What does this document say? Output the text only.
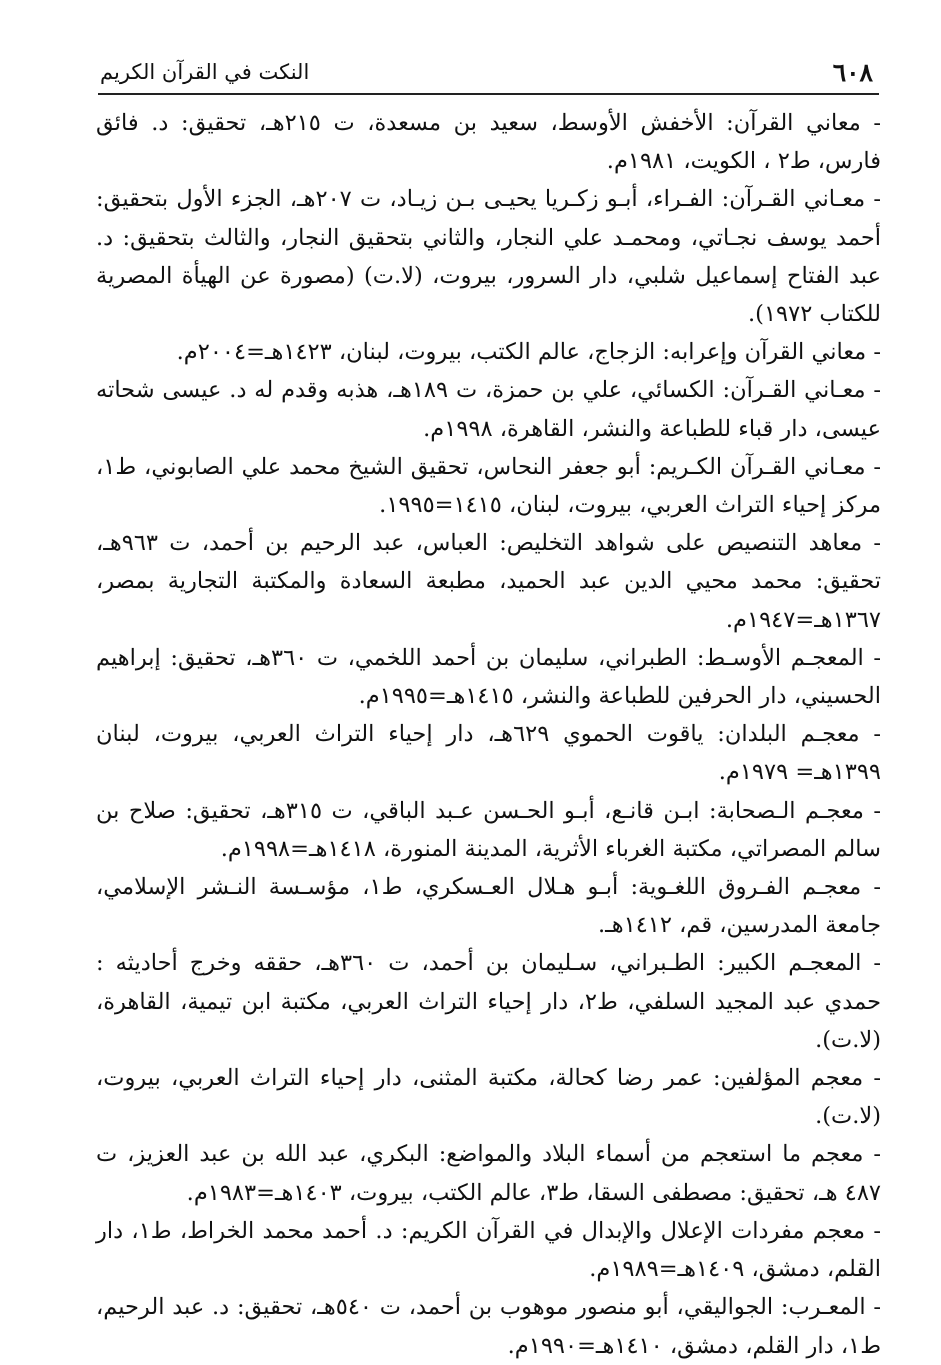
٦٠٨
النكت في القرآن الكريم

- معاني القرآن: الأخفش الأوسط، سعيد بن مسعدة، ت ٢١٥هـ، تحقيق: د. فائق فارس، ط٢ ، الكويت، ١٩٨١م.

- معـاني القـرآن: الفـراء، أبـو زكـريا يحيـى بـن زيـاد، ت ٢٠٧هـ، الجزء الأول بتحقيق: أحمد يوسف نجـاتي، ومحمـد علي النجار، والثاني بتحقيق النجار، والثالث بتحقيق: د. عبد الفتاح إسماعيل شلبي، دار السرور، بيروت، (لا.ت) (مصورة عن الهيأة المصرية للكتاب ١٩٧٢).

- معاني القرآن وإعرابه: الزجاج، عالم الكتب، بيروت، لبنان، ١٤٢٣هـ=٢٠٠٤م.

- معـاني القـرآن: الكسائي، علي بن حمزة، ت ١٨٩هـ، هذبه وقدم له د. عيسى شحاته عيسى، دار قباء للطباعة والنشر، القاهرة، ١٩٩٨م.

- معـاني القـرآن الكـريم: أبو جعفر النحاس، تحقيق الشيخ محمد علي الصابوني، ط١، مركز إحياء التراث العربي، بيروت، لبنان، ١٤١٥=١٩٩٥.

- معاهد التنصيص على شواهد التخليص: العباس، عبد الرحيم بن أحمد، ت ٩٦٣هـ، تحقيق: محمد محيي الدين عبد الحميد، مطبعة السعادة والمكتبة التجارية بمصر، ١٣٦٧هـ=١٩٤٧م.

- المعجـم الأوسـط: الطبراني، سليمان بن أحمد اللخمي، ت ٣٦٠هـ، تحقيق: إبراهيم الحسيني، دار الحرفين للطباعة والنشر، ١٤١٥هـ=١٩٩٥م.

- معجـم البلدان: ياقوت الحموي ٦٢٩هـ، دار إحياء التراث العربي، بيروت، لبنان ١٣٩٩هـ= ١٩٧٩م.

- معجـم الـصحابة: ابـن قانـع، أبـو الحـسن عـبد الباقي، ت ٣١٥هـ، تحقيق: صلاح بن سالم المصراتي، مكتبة الغرباء الأثرية، المدينة المنورة، ١٤١٨هـ=١٩٩٨م.

- معجـم الفـروق اللغـوية: أبـو هـلال العـسكري، ط١، مؤسـسة النـشر الإسلامي، جامعة المدرسين، قم، ١٤١٢هـ.

- المعجـم الكبير: الطـبراني، سـليمان بن أحمد، ت ٣٦٠هـ، حققه وخرج أحاديثه : حمدي عبد المجيد السلفي، ط٢، دار إحياء التراث العربي، مكتبة ابن تيمية، القاهرة، (لا.ت).

- معجم المؤلفين: عمر رضا كحالة، مكتبة المثنى، دار إحياء التراث العربي، بيروت، (لا.ت).

- معجم ما استعجم من أسماء البلاد والمواضع: البكري، عبد الله بن عبد العزيز، ت ٤٨٧ هـ، تحقيق: مصطفى السقا، ط٣، عالم الكتب، بيروت، ١٤٠٣هـ=١٩٨٣م.

- معجم مفردات الإعلال والإبدال في القرآن الكريم: د. أحمد محمد الخراط، ط١، دار القلم، دمشق، ١٤٠٩هـ=١٩٨٩م.

- المعـرب: الجواليقي، أبو منصور موهوب بن أحمد، ت ٥٤٠هـ، تحقيق: د. عبد الرحيم، ط١، دار القلم، دمشق، ١٤١٠هـ=١٩٩٠م.
